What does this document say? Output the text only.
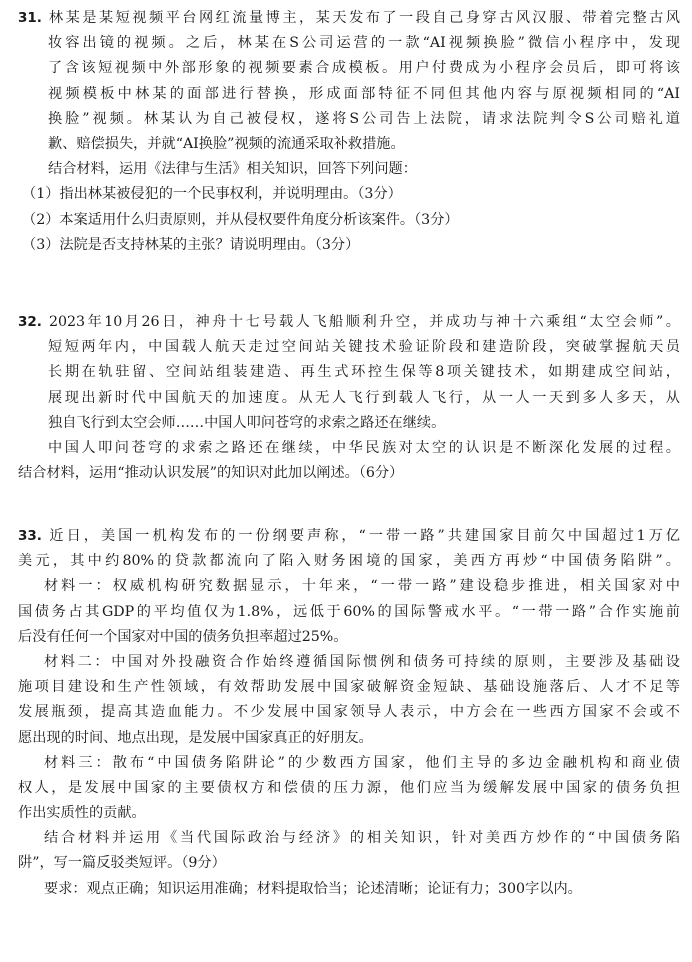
31. 林某是某短视频平台网红流量博主，某天发布了一段自己身穿古风汉服、带着完整古风
妆容出镜的视频。之后，林某在S公司运营的一款“AI视频换脸”微信小程序中，发现
了含该短视频中外部形象的视频要素合成模板。用户付费成为小程序会员后，即可将该
视频模板中林某的面部进行替换，形成面部特征不同但其他内容与原视频相同的“AI
换脸”视频。林某认为自己被侵权，遂将S公司告上法院，请求法院判令S公司赔礼道
歉、赔偿损失，并就“AI换脸”视频的流通采取补救措施。
结合材料，运用《法律与生活》相关知识，回答下列问题：
（1）指出林某被侵犯的一个民事权利，并说明理由。（3分）
（2）本案适用什么归责原则，并从侵权要件角度分析该案件。（3分）
（3）法院是否支持林某的主张？请说明理由。（3分）
32. 2023年10月26日，神舟十七号载人飞船顺利升空，并成功与神十六乘组“太空会师”。
短短两年内，中国载人航天走过空间站关键技术验证阶段和建造阶段，突破掌握航天员
长期在轨驻留、空间站组装建造、再生式环控生保等8项关键技术，如期建成空间站，
展现出新时代中国航天的加速度。从无人飞行到载人飞行，从一人一天到多人多天，从
独自飞行到太空会师……中国人叩问苍穹的求索之路还在继续。
中国人叩问苍穹的求索之路还在继续，中华民族对太空的认识是不断深化发展的过程。
结合材料，运用“推动认识发展”的知识对此加以阐述。（6分）
33. 近日，美国一机构发布的一份纲要声称，“一带一路”共建国家目前欠中国超过1万亿
美元，其中约80%的贷款都流向了陷入财务困境的国家，美西方再炒“中国债务陷阱”。
材料一：权威机构研究数据显示，十年来，“一带一路”建设稳步推进，相关国家对中
国债务占其GDP的平均值仅为1.8%，远低于60%的国际警戒水平。“一带一路”合作实施前
后没有任何一个国家对中国的债务负担率超过25%。
材料二：中国对外投融资合作始终遵循国际惯例和债务可持续的原则，主要涉及基础设
施项目建设和生产性领域，有效帮助发展中国家破解资金短缺、基础设施落后、人才不足等
发展瓶颈，提高其造血能力。不少发展中国家领导人表示，中方会在一些西方国家不会或不
愿出现的时间、地点出现，是发展中国家真正的好朋友。
材料三：散布“中国债务陷阱论”的少数西方国家，他们主导的多边金融机构和商业债
权人，是发展中国家的主要债权方和偿债的压力源，他们应当为缓解发展中国家的债务负担
作出实质性的贡献。
结合材料并运用《当代国际政治与经济》的相关知识，针对美西方炒作的“中国债务陷
阱”，写一篇反驳类短评。（9分）
要求：观点正确；知识运用准确；材料提取恰当；论述清晰；论证有力；300字以内。
